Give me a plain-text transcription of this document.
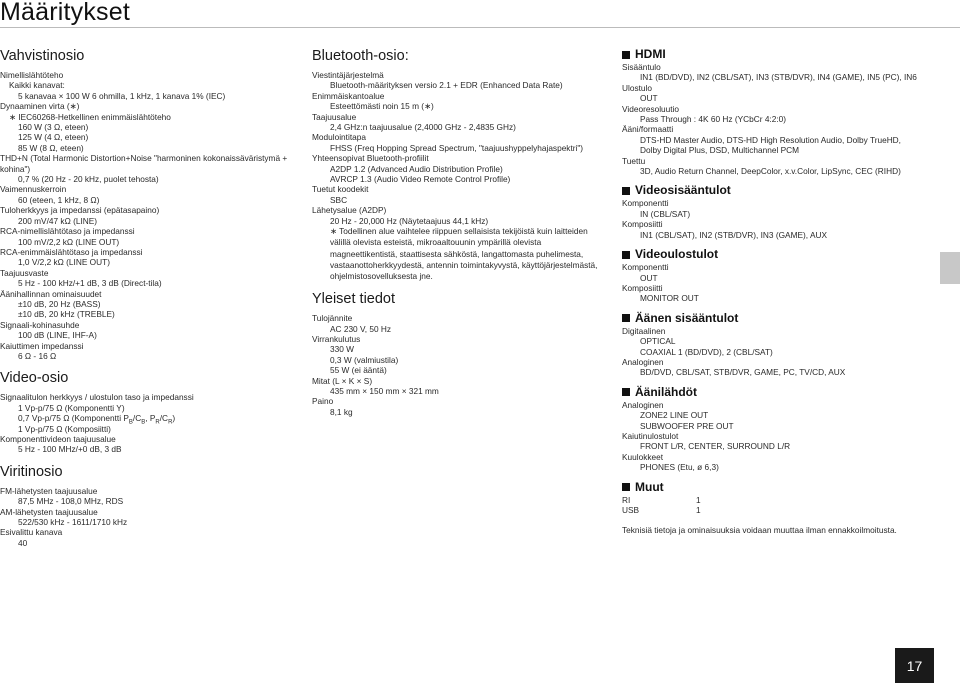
Määritykset
Vahvistinosio
Nimellislähtöteho
Kaikki kanavat:
5 kanavaa × 100 W 6 ohmilla, 1 kHz, 1 kanava 1% (IEC)
Dynaaminen virta (∗)
∗ IEC60268-Hetkellinen enimmäislähtöteho
160 W (3 Ω, eteen)
125 W (4 Ω, eteen)
85 W (8 Ω, eteen)
THD+N (Total Harmonic Distortion+Noise "harmoninen kokonaissäväristymä + kohina")
0,7 % (20 Hz - 20 kHz, puolet tehosta)
Vaimennuskerroin
60 (eteen, 1 kHz, 8 Ω)
Tuloherkkyys ja impedanssi (epätasapaino)
200 mV/47 kΩ (LINE)
RCA-nimellislähtötaso ja impedanssi
100 mV/2,2 kΩ (LINE OUT)
RCA-enimmäislähtötaso ja impedanssi
1,0 V/2,2 kΩ (LINE OUT)
Taajuusvaste
5 Hz - 100 kHz/+1 dB, 3 dB (Direct-tila)
Äänihallinnan ominaisuudet
±10 dB, 20 Hz (BASS)
±10 dB, 20 kHz (TREBLE)
Signaali-kohinasuhde
100 dB (LINE, IHF-A)
Kaiuttimen impedanssi
6 Ω - 16 Ω
Video-osio
Signaalitulon herkkyys / ulostulon taso ja impedanssi
1 Vp-p/75 Ω (Komponentti Y)
0,7 Vp-p/75 Ω (Komponentti $P_B/C_B$, $P_R/C_R$)
1 Vp-p/75 Ω (Komposiitti)
Komponenttivideon taajuusalue
5 Hz - 100 MHz/+0 dB, 3 dB
Viritinosio
FM-lähetysten taajuusalue
87,5 MHz - 108,0 MHz, RDS
AM-lähetysten taajuusalue
522/530 kHz - 1611/1710 kHz
Esivalittu kanava
40
Bluetooth-osio:
Viestintäjärjestelmä
Bluetooth-määrityksen versio 2.1 + EDR (Enhanced Data Rate)
Enimmäiskantoalue
Esteettömästi noin 15 m (∗)
Taajuusalue
2,4 GHz:n taajuusalue (2,4000 GHz - 2,4835 GHz)
Modulointitapa
FHSS (Freq Hopping Spread Spectrum, "taajuushyppelyhajaspektri")
Yhteensopivat Bluetooth-profiilit
A2DP 1.2 (Advanced Audio Distribution Profile)
AVRCP 1.3 (Audio Video Remote Control Profile)
Tuetut koodekit
SBC
Lähetysalue (A2DP)
20 Hz - 20,000 Hz (Näytetaajuus 44,1 kHz)
∗ Todellinen alue vaihtelee riippuen sellaisista tekijöistä kuin laitteiden välillä olevista esteistä, mikroaaltouunin ympärillä olevista magneettikentistä, staattisesta sähköstä, langattomasta puhelimesta, vastaanottoherkkyydestä, antennin toimintakyvystä, käyttöjärjestelmästä, ohjelmistosovelluksesta jne.
Yleiset tiedot
Tulojännite
AC 230 V, 50 Hz
Virrankulutus
330 W
0,3 W (valmiustila)
55 W (ei ääntä)
Mitat (L × K × S)
435 mm × 150 mm × 321 mm
Paino
8,1 kg
HDMI
Sisääntulo
IN1 (BD/DVD), IN2 (CBL/SAT), IN3 (STB/DVR), IN4 (GAME), IN5 (PC), IN6
Ulostulo
OUT
Videoresoluutio
Pass Through : 4K 60 Hz (YCbCr 4:2:0)
Ääni/formaatti
DTS-HD Master Audio, DTS-HD High Resolution Audio, Dolby TrueHD, Dolby Digital Plus, DSD, Multichannel PCM
Tuettu
3D, Audio Return Channel, DeepColor, x.v.Color, LipSync, CEC (RIHD)
Videosisääntulot
Komponentti
IN (CBL/SAT)
Komposiitti
IN1 (CBL/SAT), IN2 (STB/DVR), IN3 (GAME), AUX
Videoulostulot
Komponentti
OUT
Komposiitti
MONITOR OUT
Äänen sisääntulot
Digitaalinen
OPTICAL
COAXIAL 1 (BD/DVD), 2 (CBL/SAT)
Analoginen
BD/DVD, CBL/SAT, STB/DVR, GAME, PC, TV/CD, AUX
Äänilähdöt
Analoginen
ZONE2 LINE OUT
SUBWOOFER PRE OUT
Kaiutinulostulot
FRONT L/R, CENTER, SURROUND L/R
Kuulokkeet
PHONES (Etu, ø 6,3)
Muut
RI	1
USB	1
Teknisiä tietoja ja ominaisuuksia voidaan muuttaa ilman ennakkoilmoitusta.
17
